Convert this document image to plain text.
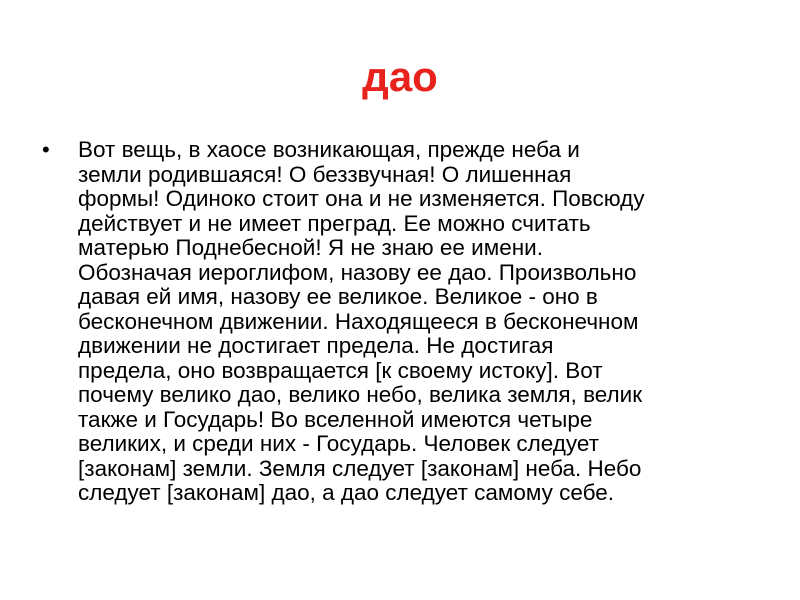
дао
• Вот вещь, в хаосе возникающая, прежде неба и
земли родившаяся! О беззвучная! О лишенная
формы! Одиноко стоит она и не изменяется. Повсюду
действует и не имеет преград. Ее можно считать
матерью Поднебесной! Я не знаю ее имени.
Обозначая иероглифом, назову ее дао. Произвольно
давая ей имя, назову ее великое. Великое - оно в
бесконечном движении. Находящееся в бесконечном
движении не достигает предела. Не достигая
предела, оно возвращается [к своему истоку]. Вот
почему велико дао, велико небо, велика земля, велик
также и Государь! Во вселенной имеются четыре
великих, и среди них - Государь. Человек следует
[законам] земли. Земля следует [законам] неба. Небо
следует [законам] дао, а дао следует самому себе.
